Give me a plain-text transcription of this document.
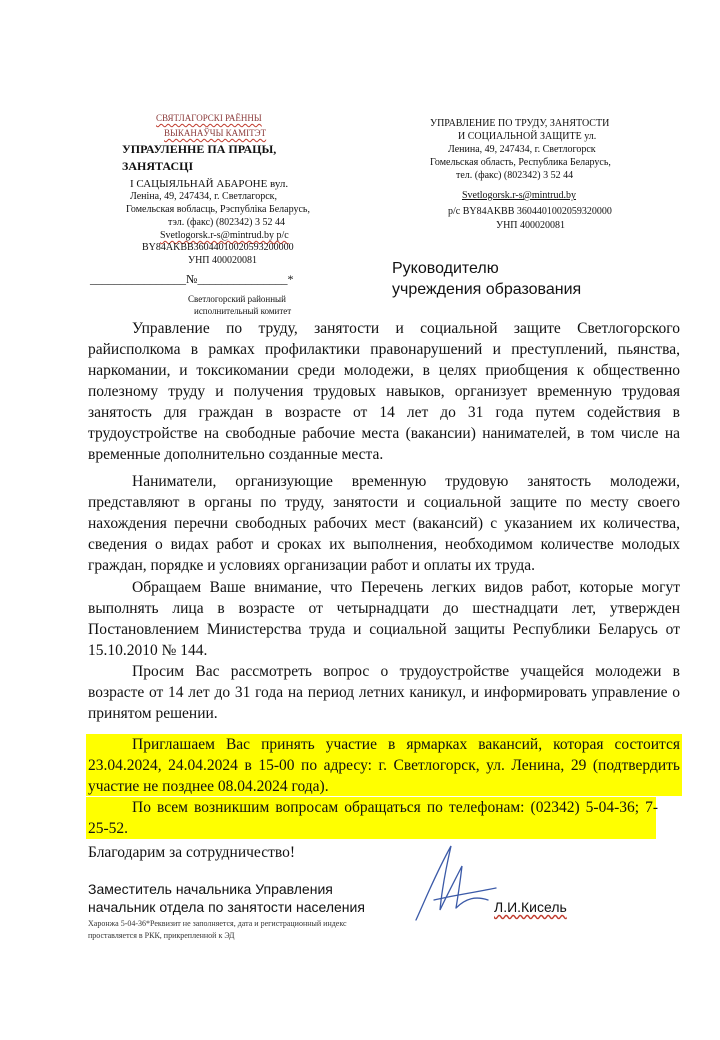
СВЯТЛАГОРСКІ РАЁННЫ
ВЫКАНАЎЧЫ КАМІТЭТ
УПРАУЛЕННЕ ПА ПРАЦЫ,
ЗАНЯТАСЦІ
І САЦЫЯЛЬНАЙ АБАРОНЕ вул.
Леніна, 49, 247434, г. Светлагорск,
Гомельская вобласць, Рэспубліка Беларусь,
тэл. (факс) (802342) 3 52 44
Svetlogorsk.r-s@mintrud.by р/с
BY84AKBB36044010020593200000
УНП 400020081
________________№_______________*
Светлогорский районный
исполнительный комитет
УПРАВЛЕНИЕ ПО ТРУДУ, ЗАНЯТОСТИ
И СОЦИАЛЬНОЙ ЗАЩИТЕ ул.
Ленина, 49, 247434, г. Светлогорск
Гомельская область, Республика Беларусь,
тел. (факс) (802342) 3 52 44
Svetlogorsk.r-s@mintrud.by
р/с BY84AKBB 3604401002059320000
УНП 400020081
Руководителю
учреждения образования

Управление по труду, занятости и социальной защите Светлогорского райисполкома в рамках профилактики правонарушений и преступлений, пьянства, наркомании, и токсикомании среди молодежи, в целях приобщения к общественно полезному труду и получения трудовых навыков, организует временную трудовая занятость для граждан в возрасте от 14 лет до 31 года путем содействия в трудоустройстве на свободные рабочие места (вакансии) нанимателей, в том числе на временные дополнительно созданные места.

Наниматели, организующие временную трудовую занятость молодежи, представляют в органы по труду, занятости и социальной защите по месту своего нахождения перечни свободных рабочих мест (вакансий) с указанием их количества, сведения о видах работ и сроках их выполнения, необходимом количестве молодых граждан, порядке и условиях организации работ и оплаты их труда.

Обращаем Ваше внимание, что Перечень легких видов работ, которые могут выполнять лица в возрасте от четырнадцати до шестнадцати лет, утвержден Постановлением Министерства труда и социальной защиты Республики Беларусь от 15.10.2010 № 144.

Просим Вас рассмотреть вопрос о трудоустройстве учащейся молодежи в возрасте от 14 лет до 31 года на период летних каникул, и информировать управление о принятом решении.

Приглашаем Вас принять участие в ярмарках вакансий, которая состоится 23.04.2024, 24.04.2024 в 15-00 по адресу: г. Светлогорск, ул. Ленина, 29 (подтвердить участие не позднее 08.04.2024 года).

По всем возникшим вопросам обращаться по телефонам: (02342) 5-04-36; 7-25-52.

Благодарим за сотрудничество!
Заместитель начальника Управления
начальник отдела по занятости населения	Л.И.Кисель
Харонжа 5-04-36*Реквизит не заполняется, дата и регистрационный индекс
проставляется в РКК, прикрепленной к ЭД
